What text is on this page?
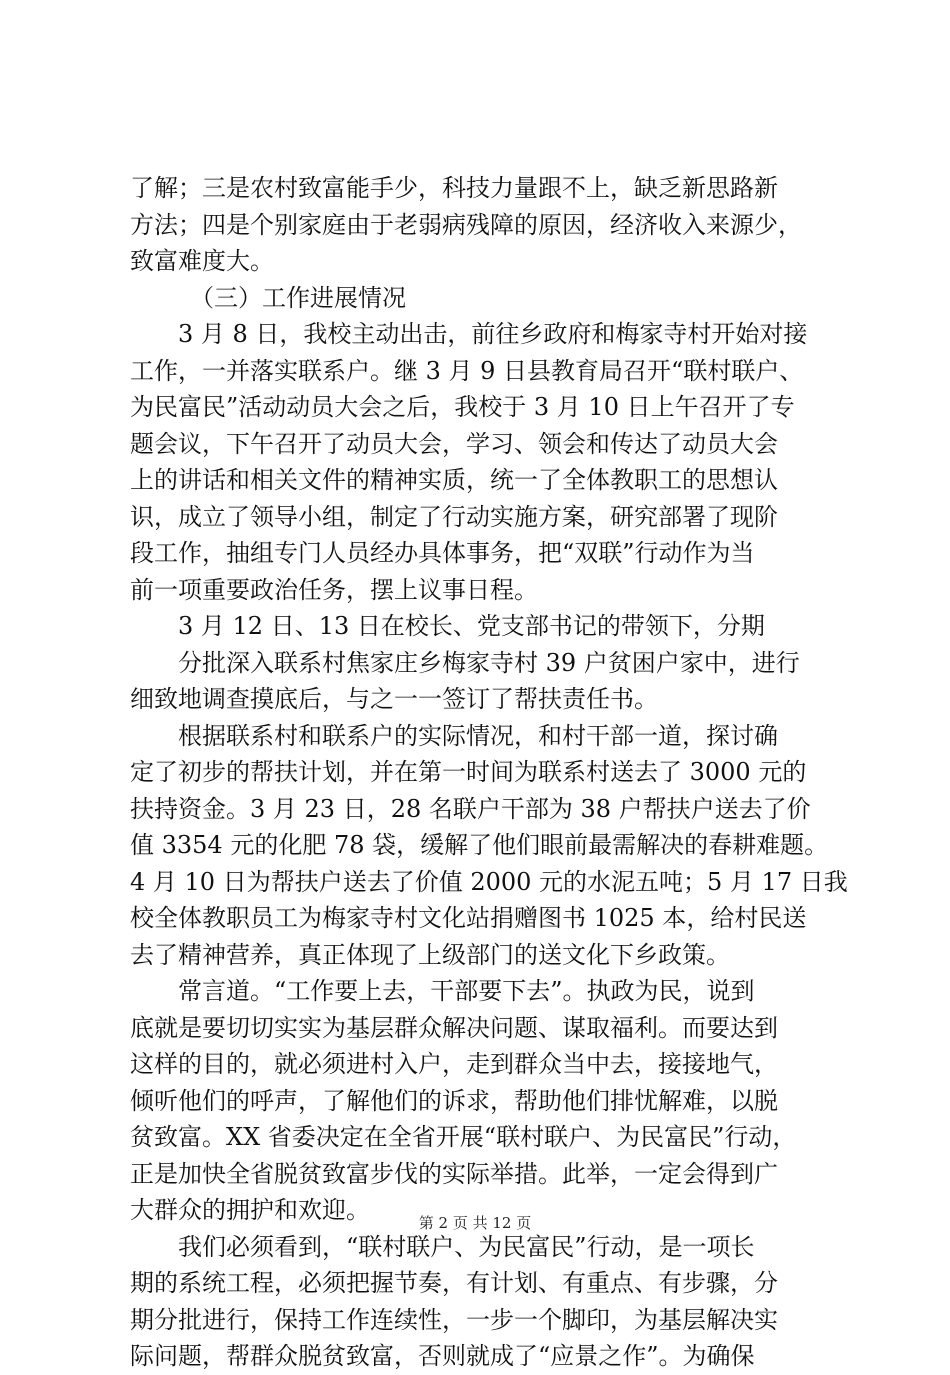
了解；三是农村致富能手少，科技力量跟不上，缺乏新思路新
方法；四是个别家庭由于老弱病残障的原因，经济收入来源少，
致富难度大。
（三）工作进展情况
3 月 8 日，我校主动出击，前往乡政府和梅家寺村开始对接
工作，一并落实联系户。继 3 月 9 日县教育局召开“联村联户、
为民富民”活动动员大会之后，我校于 3 月 10 日上午召开了专
题会议，下午召开了动员大会，学习、领会和传达了动员大会
上的讲话和相关文件的精神实质，统一了全体教职工的思想认
识，成立了领导小组，制定了行动实施方案，研究部署了现阶
段工作，抽组专门人员经办具体事务，把“双联”行动作为当
前一项重要政治任务，摆上议事日程。
3 月 12 日、13 日在校长、党支部书记的带领下，分期
分批深入联系村焦家庄乡梅家寺村 39 户贫困户家中，进行
细致地调查摸底后，与之一一签订了帮扶责任书。
根据联系村和联系户的实际情况，和村干部一道，探讨确
定了初步的帮扶计划，并在第一时间为联系村送去了 3000 元的
扶持资金。3 月 23 日，28 名联户干部为 38 户帮扶户送去了价
值 3354 元的化肥 78 袋，缓解了他们眼前最需解决的春耕难题。
4 月 10 日为帮扶户送去了价值 2000 元的水泥五吨；5 月 17 日我
校全体教职员工为梅家寺村文化站捐赠图书 1025 本，给村民送
去了精神营养，真正体现了上级部门的送文化下乡政策。
常言道。“工作要上去，干部要下去”。执政为民，说到
底就是要切切实实为基层群众解决问题、谋取福利。而要达到
这样的目的，就必须进村入户，走到群众当中去，接接地气，
倾听他们的呼声，了解他们的诉求，帮助他们排忧解难，以脱
贫致富。XX 省委决定在全省开展“联村联户、为民富民”行动，
正是加快全省脱贫致富步伐的实际举措。此举，一定会得到广
大群众的拥护和欢迎。
我们必须看到，“联村联户、为民富民”行动，是一项长
期的系统工程，必须把握节奏，有计划、有重点、有步骤，分
期分批进行，保持工作连续性，一步一个脚印，为基层解决实
际问题，帮群众脱贫致富，否则就成了“应景之作”。为确保
第 2 页 共 12 页
